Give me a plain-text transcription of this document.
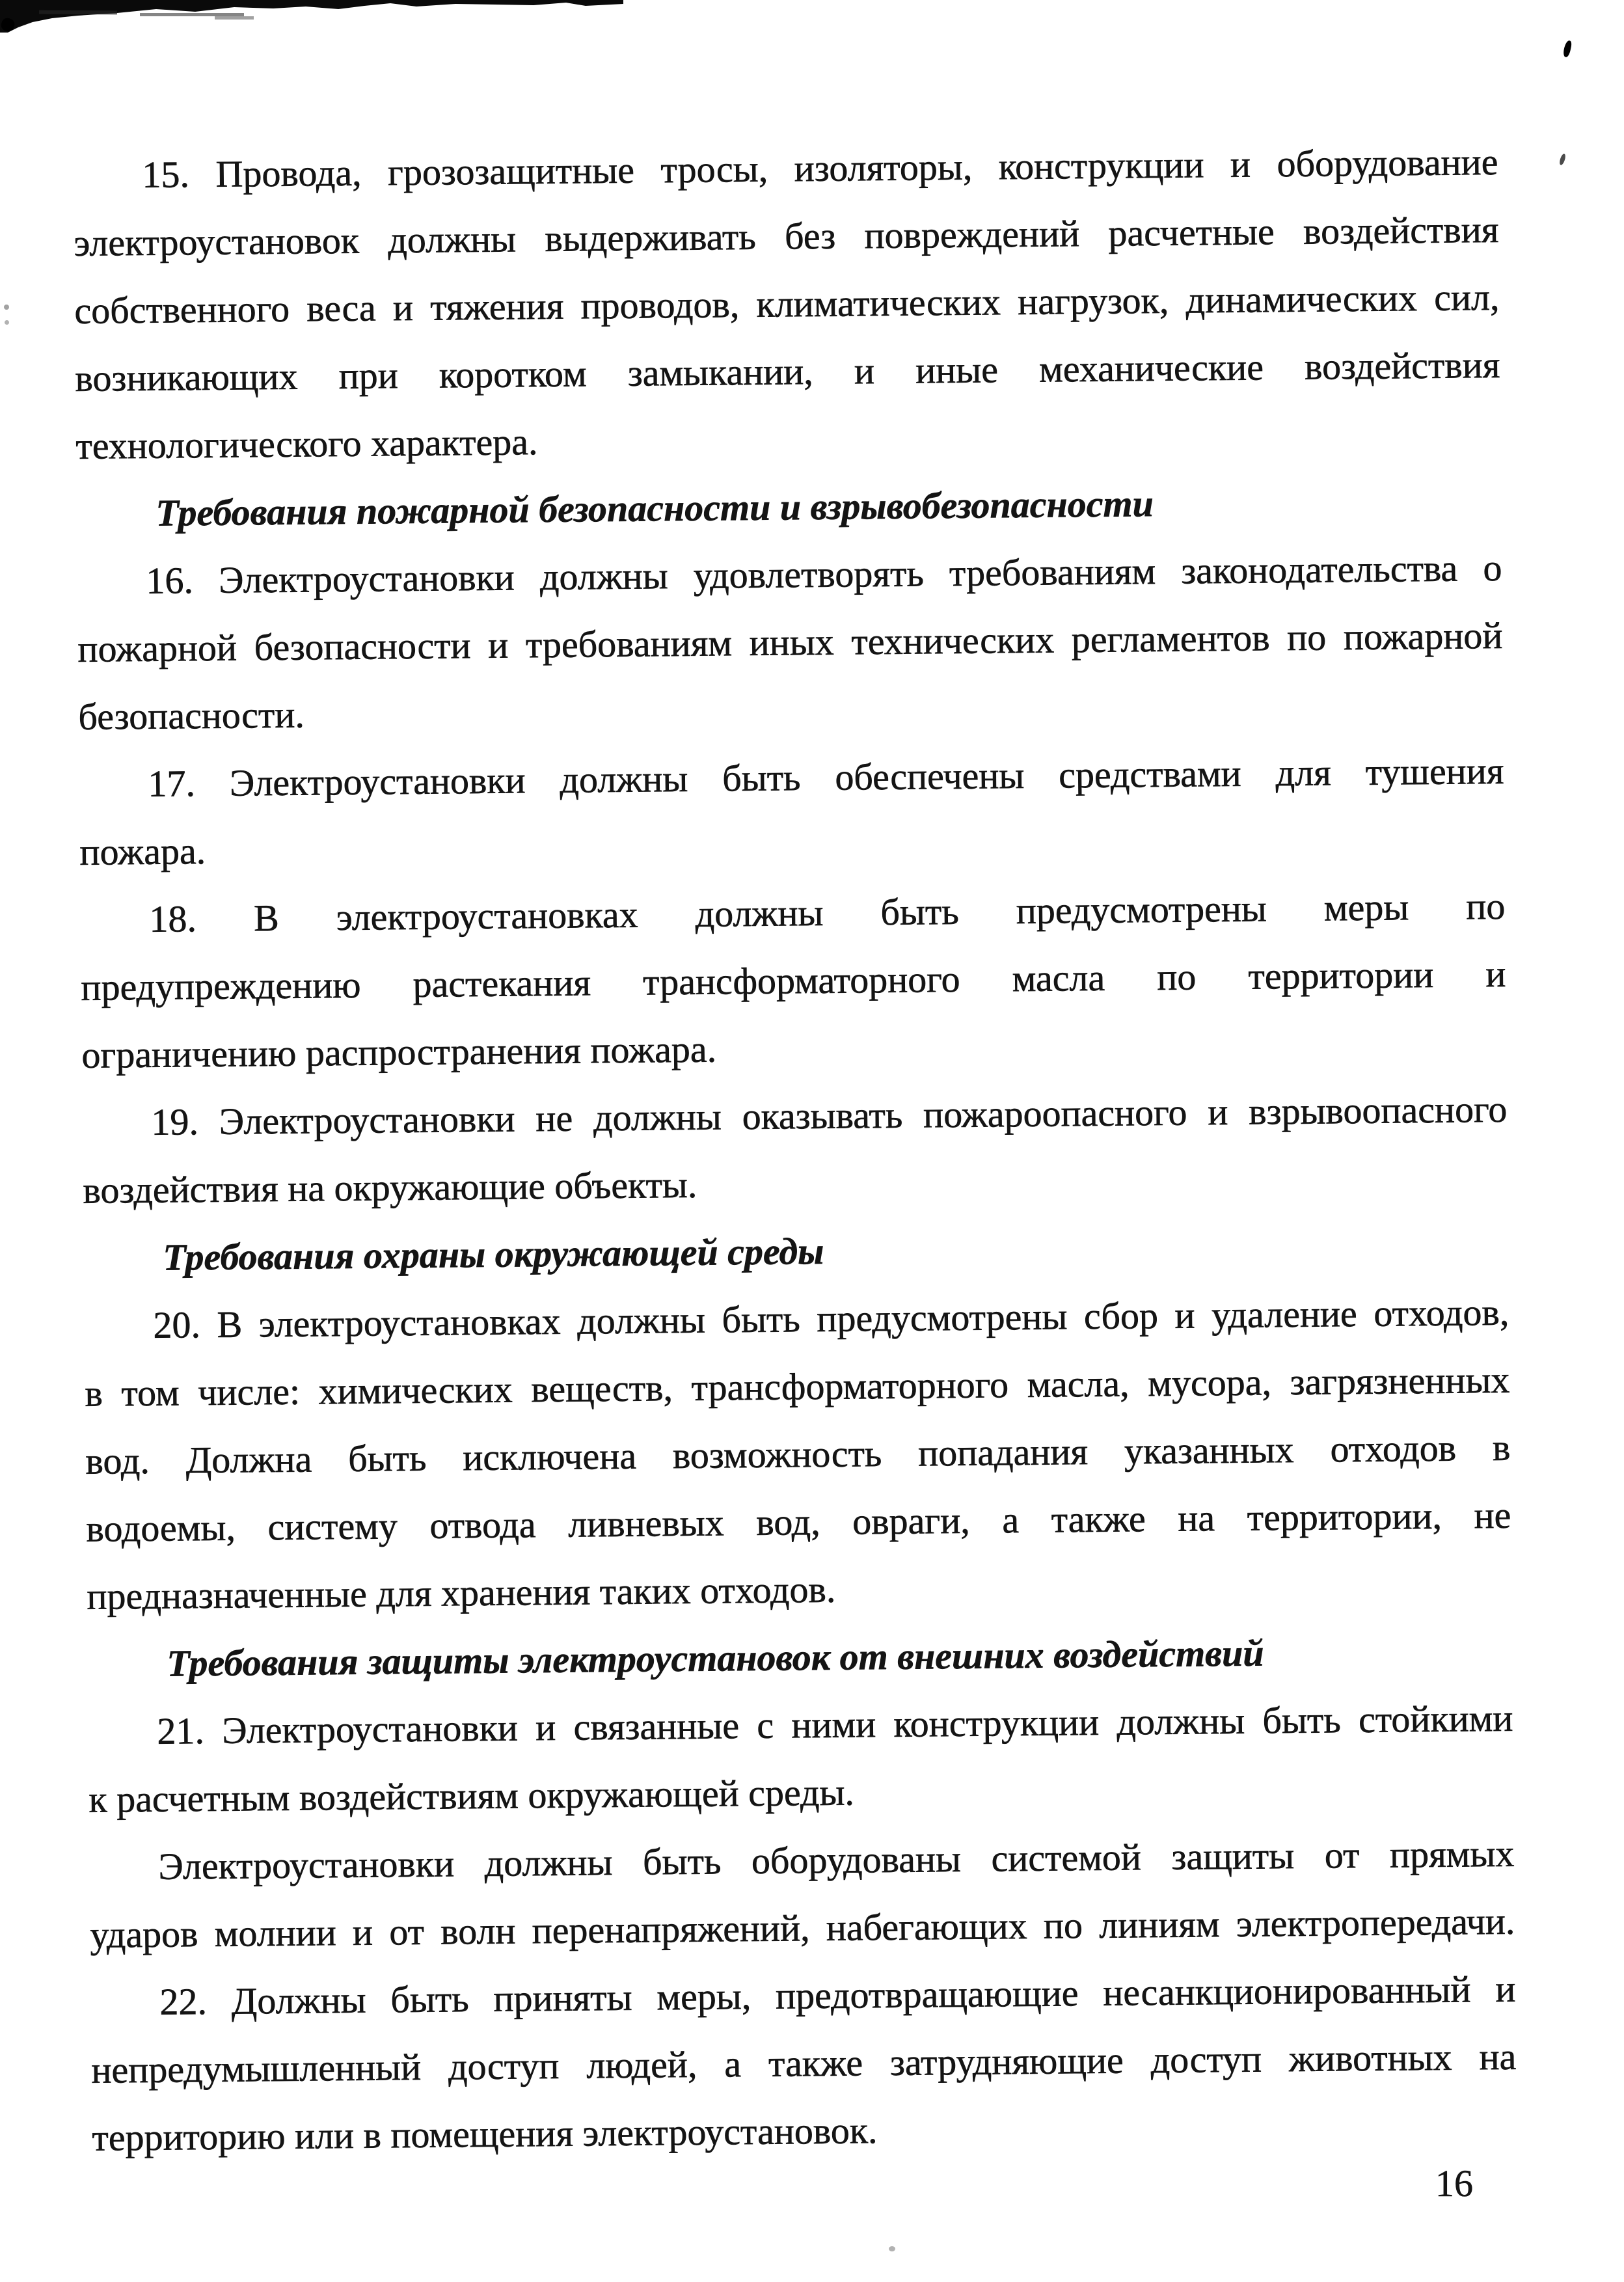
15. Провода, грозозащитные тросы, изоляторы, конструкции и оборудование
электроустановок должны выдерживать без повреждений расчетные воздействия
собственного веса и тяжения проводов, климатических нагрузок, динамических сил,
возникающих при коротком замыкании, и иные механические воздействия
технологического характера.
Требования пожарной безопасности и взрывобезопасности
16. Электроустановки должны удовлетворять требованиям законодательства о
пожарной безопасности и требованиям иных технических регламентов по пожарной
безопасности.
17. Электроустановки должны быть обеспечены средствами для тушения
пожара.
18. В электроустановках должны быть предусмотрены меры по
предупреждению растекания трансформаторного масла по территории и
ограничению распространения пожара.
19. Электроустановки не должны оказывать пожароопасного и взрывоопасного
воздействия на окружающие объекты.
Требования охраны окружающей среды
20. В электроустановках должны быть предусмотрены сбор и удаление отходов,
в том числе: химических веществ, трансформаторного масла, мусора, загрязненных
вод. Должна быть исключена возможность попадания указанных отходов в
водоемы, систему отвода ливневых вод, овраги, а также на территории, не
предназначенные для хранения таких отходов.
Требования защиты электроустановок от внешних воздействий
21. Электроустановки и связанные с ними конструкции должны быть стойкими
к расчетным воздействиям окружающей среды.
Электроустановки должны быть оборудованы системой защиты от прямых
ударов молнии и от волн перенапряжений, набегающих по линиям электропередачи.
22. Должны быть приняты меры, предотвращающие несанкционированный и
непредумышленный доступ людей, а также затрудняющие доступ животных на
территорию или в помещения электроустановок.
16
